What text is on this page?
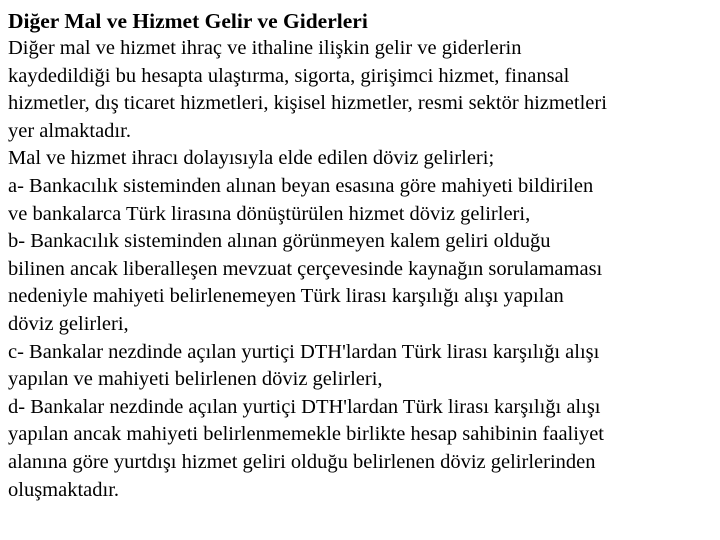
Diğer Mal ve Hizmet Gelir ve Giderleri
Diğer mal ve hizmet ihraç ve ithaline ilişkin gelir ve giderlerin
kaydedildiği bu hesapta ulaştırma, sigorta, girişimci hizmet, finansal
hizmetler, dış ticaret hizmetleri, kişisel hizmetler, resmi sektör hizmetleri
yer almaktadır.
Mal ve hizmet ihracı dolayısıyla elde edilen döviz gelirleri;
a- Bankacılık sisteminden alınan beyan esasına göre mahiyeti bildirilen
ve bankalarca Türk lirasına dönüştürülen hizmet döviz gelirleri,
b- Bankacılık sisteminden alınan görünmeyen kalem geliri olduğu
bilinen ancak liberalleşen mevzuat çerçevesinde kaynağın sorulamaması
nedeniyle mahiyeti belirlenemeyen Türk lirası karşılığı alışı yapılan
döviz gelirleri,
c- Bankalar nezdinde açılan yurtiçi DTH'lardan Türk lirası karşılığı alışı
yapılan ve mahiyeti belirlenen döviz gelirleri,
d- Bankalar nezdinde açılan yurtiçi DTH'lardan Türk lirası karşılığı alışı
yapılan ancak mahiyeti belirlenmemekle birlikte hesap sahibinin faaliyet
alanına göre yurtdışı hizmet geliri olduğu belirlenen döviz gelirlerinden
oluşmaktadır.
